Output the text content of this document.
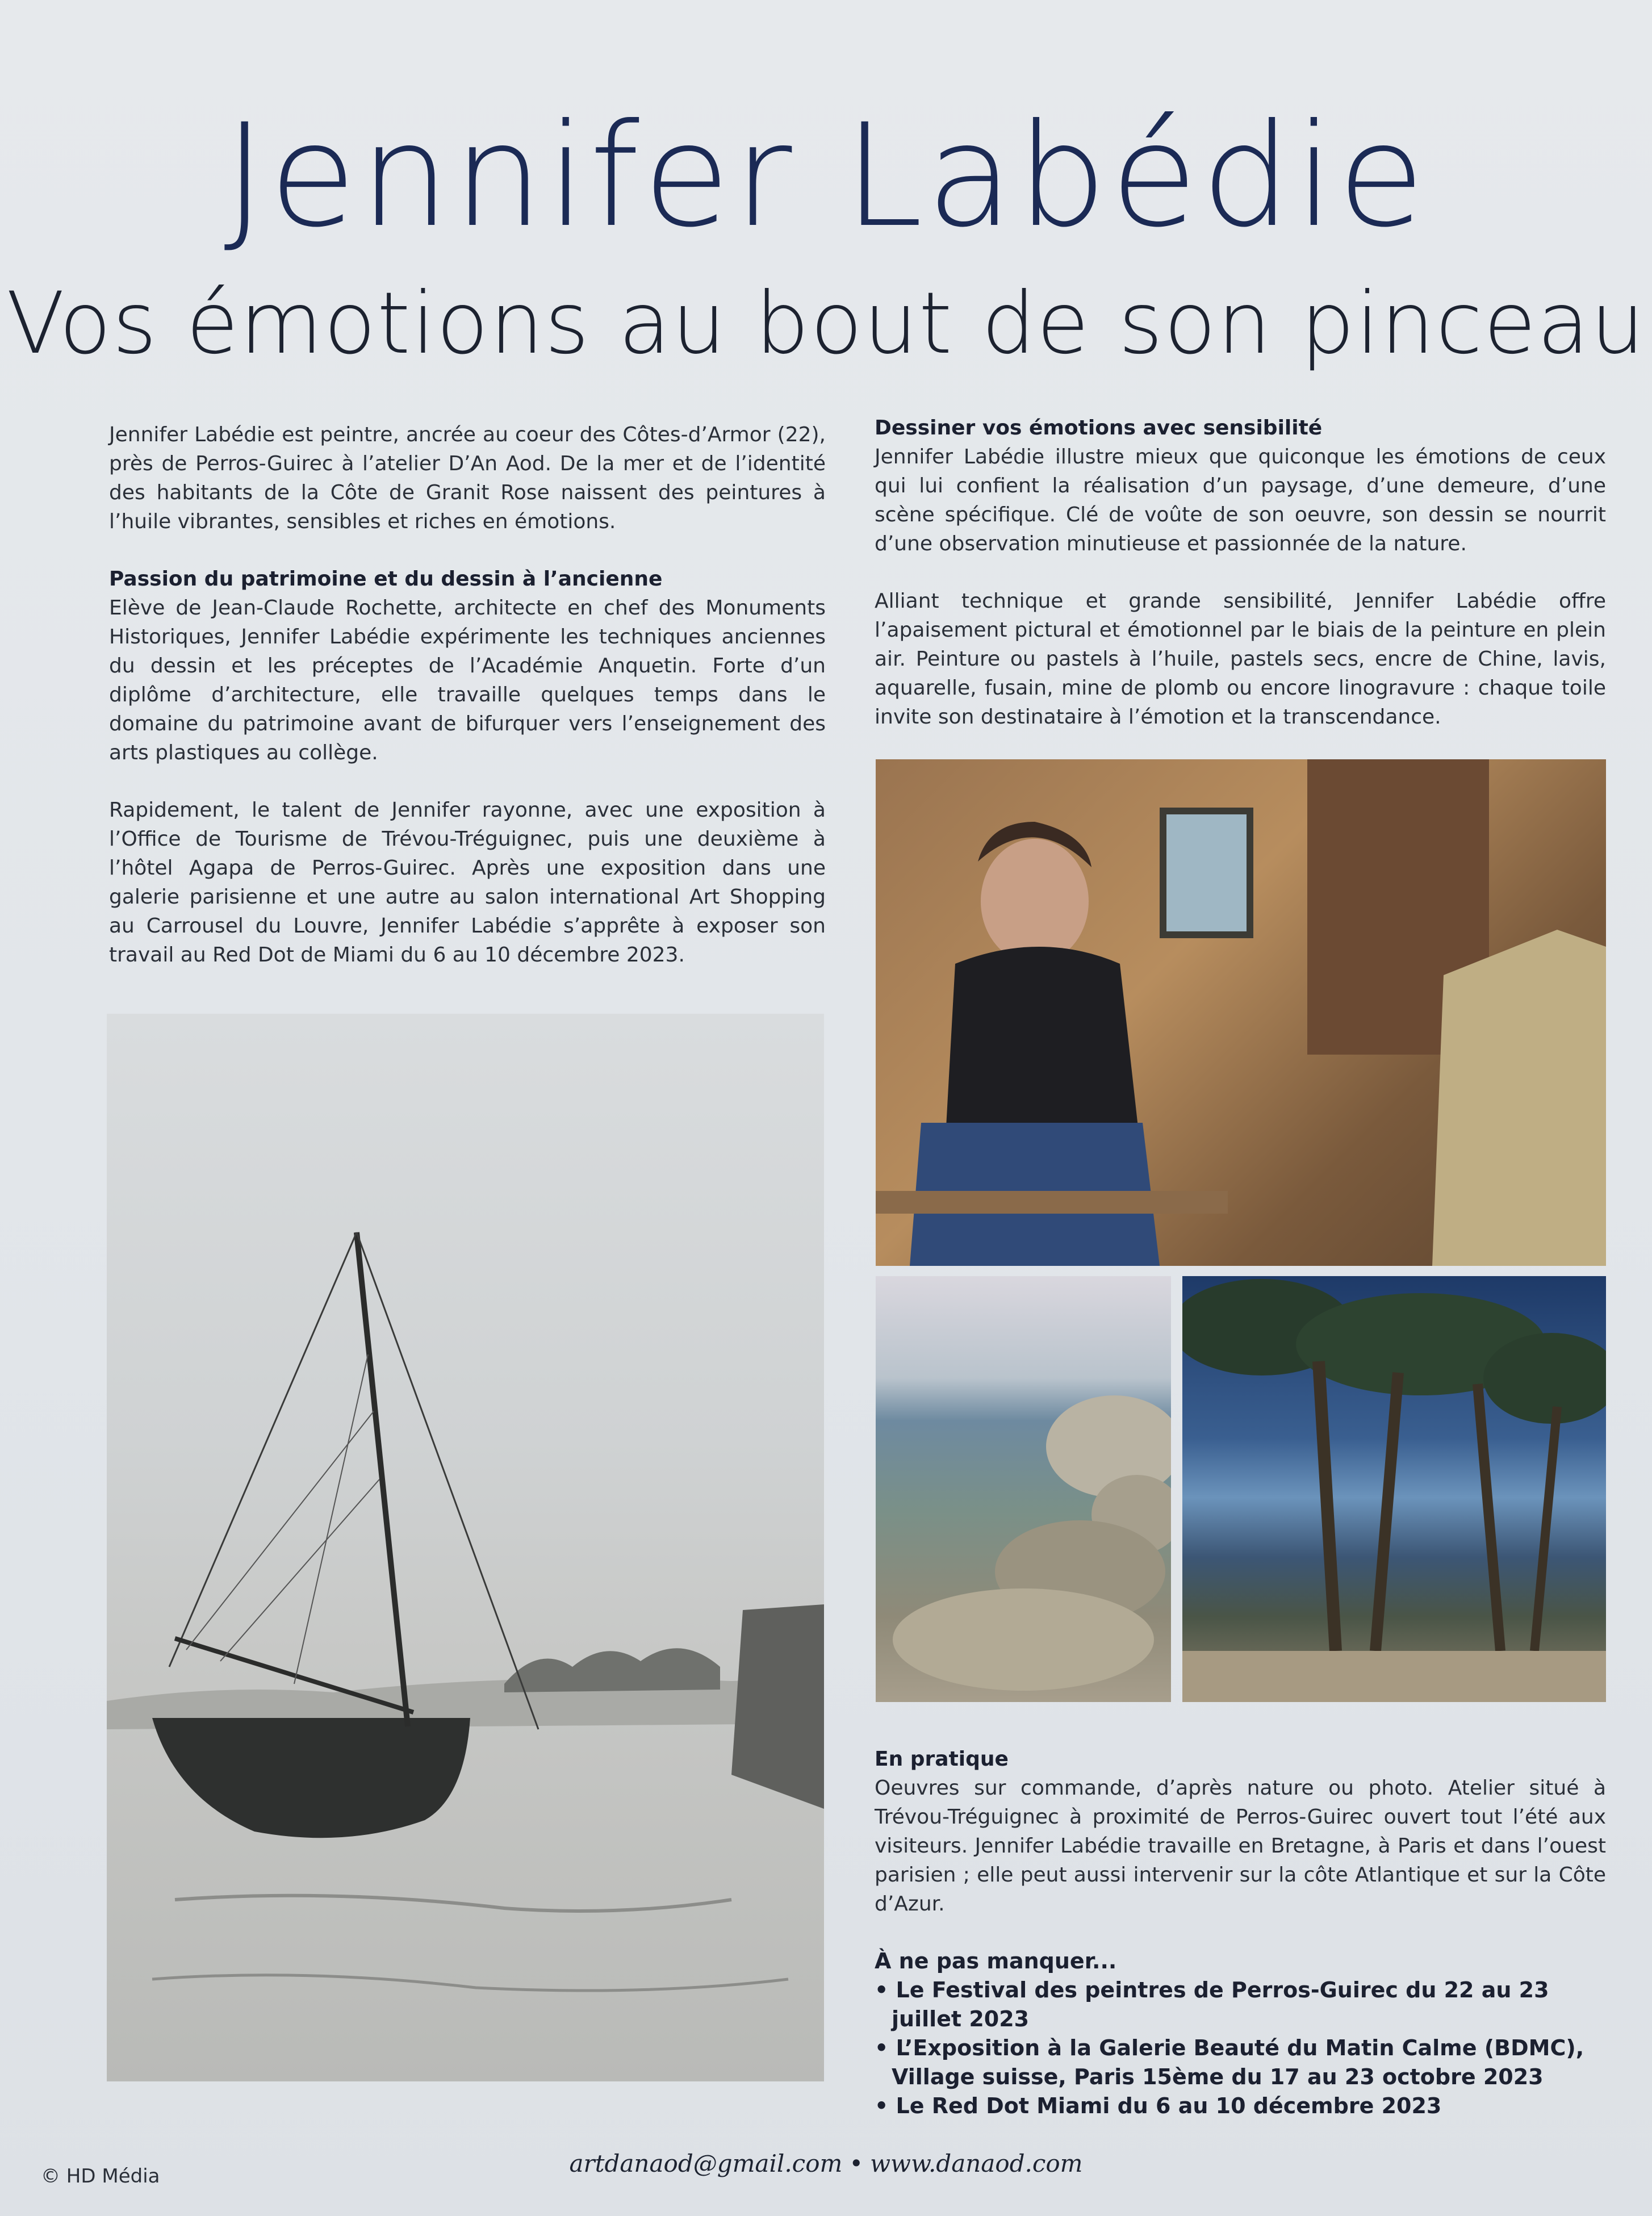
Jennifer Labédie
Vos émotions au bout de son pinceau

Jennifer Labédie est peintre, ancrée au coeur des Côtes-d’Armor (22), près de Perros-Guirec à l’atelier D’An Aod. De la mer et de l’identité des habitants de la Côte de Granit Rose naissent des peintures à l’huile vibrantes, sensibles et riches en émotions.

Passion du patrimoine et du dessin à l’ancienne

Elève de Jean-Claude Rochette, architecte en chef des Monuments Historiques, Jennifer Labédie expérimente les techniques anciennes du dessin et les préceptes de l’Académie Anquetin. Forte d’un diplôme d’architecture, elle travaille quelques temps dans le domaine du patrimoine avant de bifurquer vers l’enseignement des arts plastiques au collège.

Rapidement, le talent de Jennifer rayonne, avec une exposition à l’Office de Tourisme de Trévou-Tréguignec, puis une deuxième à l’hôtel Agapa de Perros-Guirec. Après une exposition dans une galerie parisienne et une autre au salon international Art Shopping au Carrousel du Louvre, Jennifer Labédie s’apprête à exposer son travail au Red Dot de Miami du 6 au 10 décembre 2023.

Dessiner vos émotions avec sensibilité

Jennifer Labédie illustre mieux que quiconque les émotions de ceux qui lui confient la réalisation d’un paysage, d’une demeure, d’une scène spécifique. Clé de voûte de son oeuvre, son dessin se nourrit d’une observation minutieuse et passionnée de la nature.

Alliant technique et grande sensibilité, Jennifer Labédie offre l’apaisement pictural et émotionnel par le biais de la peinture en plein air. Peinture ou pastels à l’huile, pastels secs, encre de Chine, lavis, aquarelle, fusain, mine de plomb ou encore linogravure : chaque toile invite son destinataire à l’émotion et la transcendance.

En pratique

Oeuvres sur commande, d’après nature ou photo. Atelier situé à Trévou-Tréguignec à proximité de Perros-Guirec ouvert tout l’été aux visiteurs. Jennifer Labédie travaille en Bretagne, à Paris et dans l’ouest parisien ; elle peut aussi intervenir sur la côte Atlantique et sur la Côte d’Azur.

À ne pas manquer...
• Le Festival des peintres de Perros-Guirec du 22 au 23 juillet 2023
• L’Exposition à la Galerie Beauté du Matin Calme (BDMC), Village suisse, Paris 15ème du 17 au 23 octobre 2023
• Le Red Dot Miami du 6 au 10 décembre 2023
© HD Média	artdanaod@gmail.com • www.danaod.com
